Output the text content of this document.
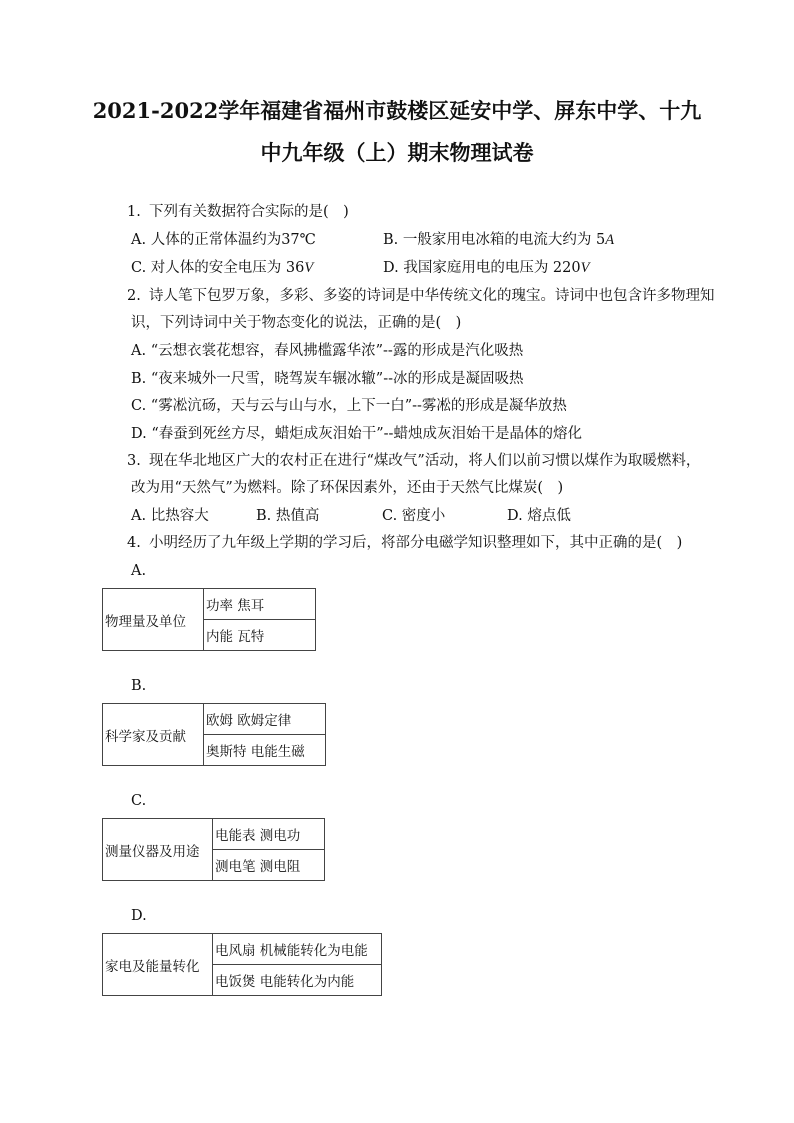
2021-2022学年福建省福州市鼓楼区延安中学、屏东中学、十九
中九年级（上）期末物理试卷
1. 下列有关数据符合实际的是(　)
A. 人体的正常体温约为37℃	B. 一般家用电冰箱的电流大约为 5A
C. 对人体的安全电压为 36V	D. 我国家庭用电的电压为 220V
2. 诗人笔下包罗万象，多彩、多姿的诗词是中华传统文化的瑰宝。诗词中也包含许多物理知
识，下列诗词中关于物态变化的说法，正确的是(　)
A. “云想衣裳花想容，春风拂槛露华浓”--露的形成是汽化吸热
B. “夜来城外一尺雪，晓驾炭车辗冰辙”--冰的形成是凝固吸热
C. “雾凇沆砀，天与云与山与水，上下一白”--雾凇的形成是凝华放热
D. “春蚕到死丝方尽，蜡炬成灰泪始干”--蜡烛成灰泪始干是晶体的熔化
3. 现在华北地区广大的农村正在进行“煤改气”活动，将人们以前习惯以煤作为取暖燃料，
改为用“天然气”为燃料。除了环保因素外，还由于天然气比煤炭(　)
A. 比热容大	B. 热值高	C. 密度小	D. 熔点低
4. 小明经历了九年级上学期的学习后，将部分电磁学知识整理如下，其中正确的是(　)
A.
物理量及单位	功率 焦耳
内能 瓦特
B.
科学家及贡献	欧姆 欧姆定律
奥斯特 电能生磁
C.
测量仪器及用途	电能表 测电功
测电笔 测电阻
D.
家电及能量转化	电风扇 机械能转化为电能
电饭煲 电能转化为内能
